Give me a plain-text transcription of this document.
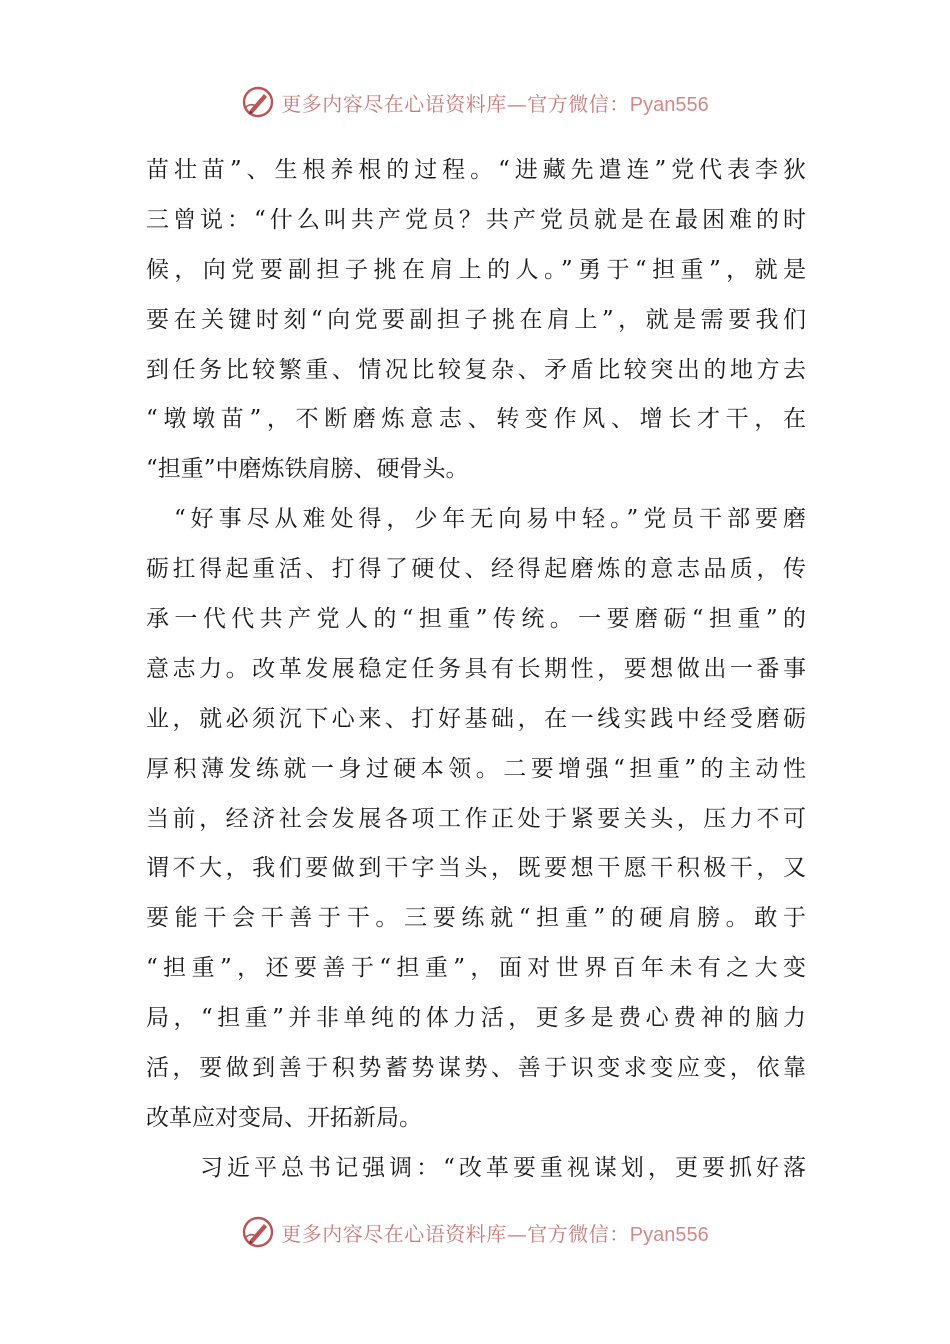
更多内容尽在心语资料库—官方微信：Pyan556
苗壮苗”、生根养根的过程。“进藏先遣连”党代表李狄
三曾说：“什么叫共产党员？共产党员就是在最困难的时
候，向党要副担子挑在肩上的人。”勇于“担重”，就是
要在关键时刻“向党要副担子挑在肩上”，就是需要我们
到任务比较繁重、情况比较复杂、矛盾比较突出的地方去
“墩墩苗”，不断磨炼意志、转变作风、增长才干，在
“担重”中磨炼铁肩膀、硬骨头。
　“好事尽从难处得，少年无向易中轻。”党员干部要磨
砺扛得起重活、打得了硬仗、经得起磨炼的意志品质，传
承一代代共产党人的“担重”传统。一要磨砺“担重”的
意志力。改革发展稳定任务具有长期性，要想做出一番事
业，就必须沉下心来、打好基础，在一线实践中经受磨砺
厚积薄发练就一身过硬本领。二要增强“担重”的主动性
当前，经济社会发展各项工作正处于紧要关头，压力不可
谓不大，我们要做到干字当头，既要想干愿干积极干，又
要能干会干善于干。三要练就“担重”的硬肩膀。敢于
“担重”，还要善于“担重”，面对世界百年未有之大变
局，“担重”并非单纯的体力活，更多是费心费神的脑力
活，要做到善于积势蓄势谋势、善于识变求变应变，依靠
改革应对变局、开拓新局。
　　习近平总书记强调：“改革要重视谋划，更要抓好落
更多内容尽在心语资料库—官方微信：Pyan556
